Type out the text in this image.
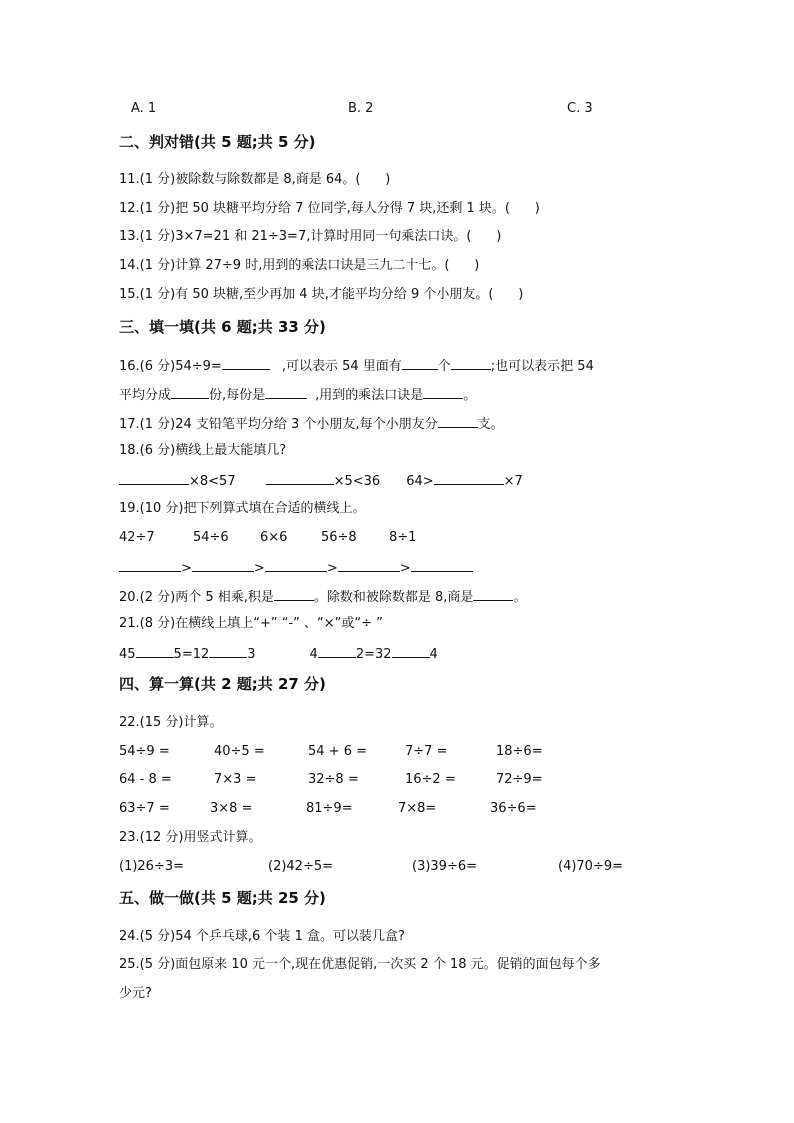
A. 1	B. 2	C. 3
二、判对错(共 5 题;共 5 分)
11.(1 分)被除数与除数都是 8,商是 64。(      )
12.(1 分)把 50 块糖平均分给 7 位同学,每人分得 7 块,还剩 1 块。(      )
13.(1 分)3×7=21 和 21÷3=7,计算时用同一句乘法口诀。(      )
14.(1 分)计算 27÷9 时,用到的乘法口诀是三九二十七。(      )
15.(1 分)有 50 块糖,至少再加 4 块,才能平均分给 9 个小朋友。(      )
三、填一填(共 6 题;共 33 分)
16.(6 分)54÷9=	,可以表示 54 里面有	个	;也可以表示把 54
平均分成	份,每份是	,用到的乘法口诀是	。
17.(1 分)24 支铅笔平均分给 3 个小朋友,每个小朋友分	支。
18.(6 分)横线上最大能填几?
×8<57	×5<36 64>	×7
19.(10 分)把下列算式填在合适的横线上。
42÷7	54÷6 6×6	56÷8 8÷1
>	>	>	>
20.(2 分)两个 5 相乘,积是	。除数和被除数都是 8,商是	。
21.(8 分)在横线上填上“+” “-” 、“×”或“÷ ”
45	5=12	3	4	2=32	4
四、算一算(共 2 题;共 27 分)
22.(15 分)计算。
54÷9 =	40÷5 =	54 + 6 =	7÷7 =	18÷6=
64 - 8 =	7×3 =	32÷8 =	16÷2 =	72÷9=
63÷7 =	3×8 =	81÷9=	7×8=	36÷6=
23.(12 分)用竖式计算。
(1)26÷3=	(2)42÷5=	(3)39÷6=	(4)70÷9=
五、做一做(共 5 题;共 25 分)
24.(5 分)54 个乒乓球,6 个装 1 盒。可以装几盒?
25.(5 分)面包原来 10 元一个,现在优惠促销,一次买 2 个 18 元。促销的面包每个多
少元?
